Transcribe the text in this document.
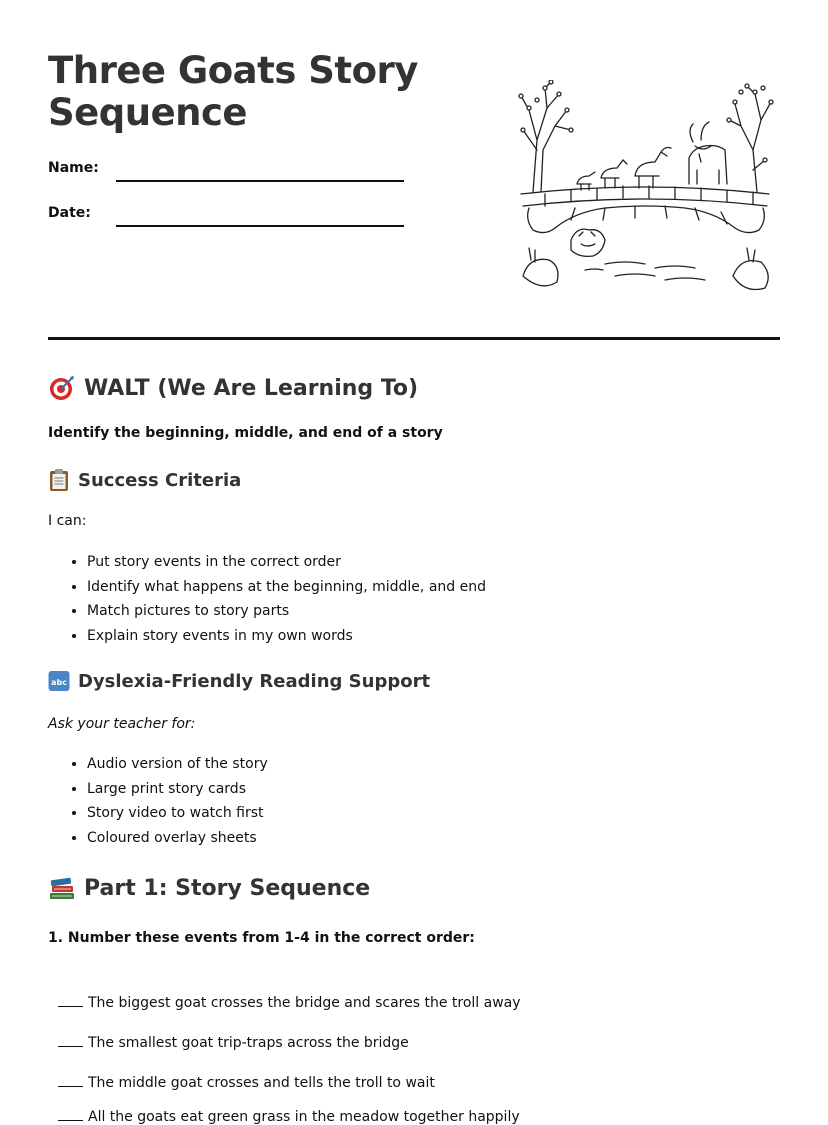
Three Goats Story
Sequence
Name:
Date:
WALT (We Are Learning To)

Identify the beginning, middle, and end of a story

Success Criteria

I can:

• Put story events in the correct order
• Identify what happens at the beginning, middle, and end
• Match pictures to story parts
• Explain story events in my own words
abc Dyslexia-Friendly Reading Support

Ask your teacher for:

• Audio version of the story
• Large print story cards
• Story video to watch first
• Coloured overlay sheets
Part 1: Story Sequence

1. Number these events from 1-4 in the correct order:

The biggest goat crosses the bridge and scares the troll away
The smallest goat trip-traps across the bridge
The middle goat crosses and tells the troll to wait
All the goats eat green grass in the meadow together happily
